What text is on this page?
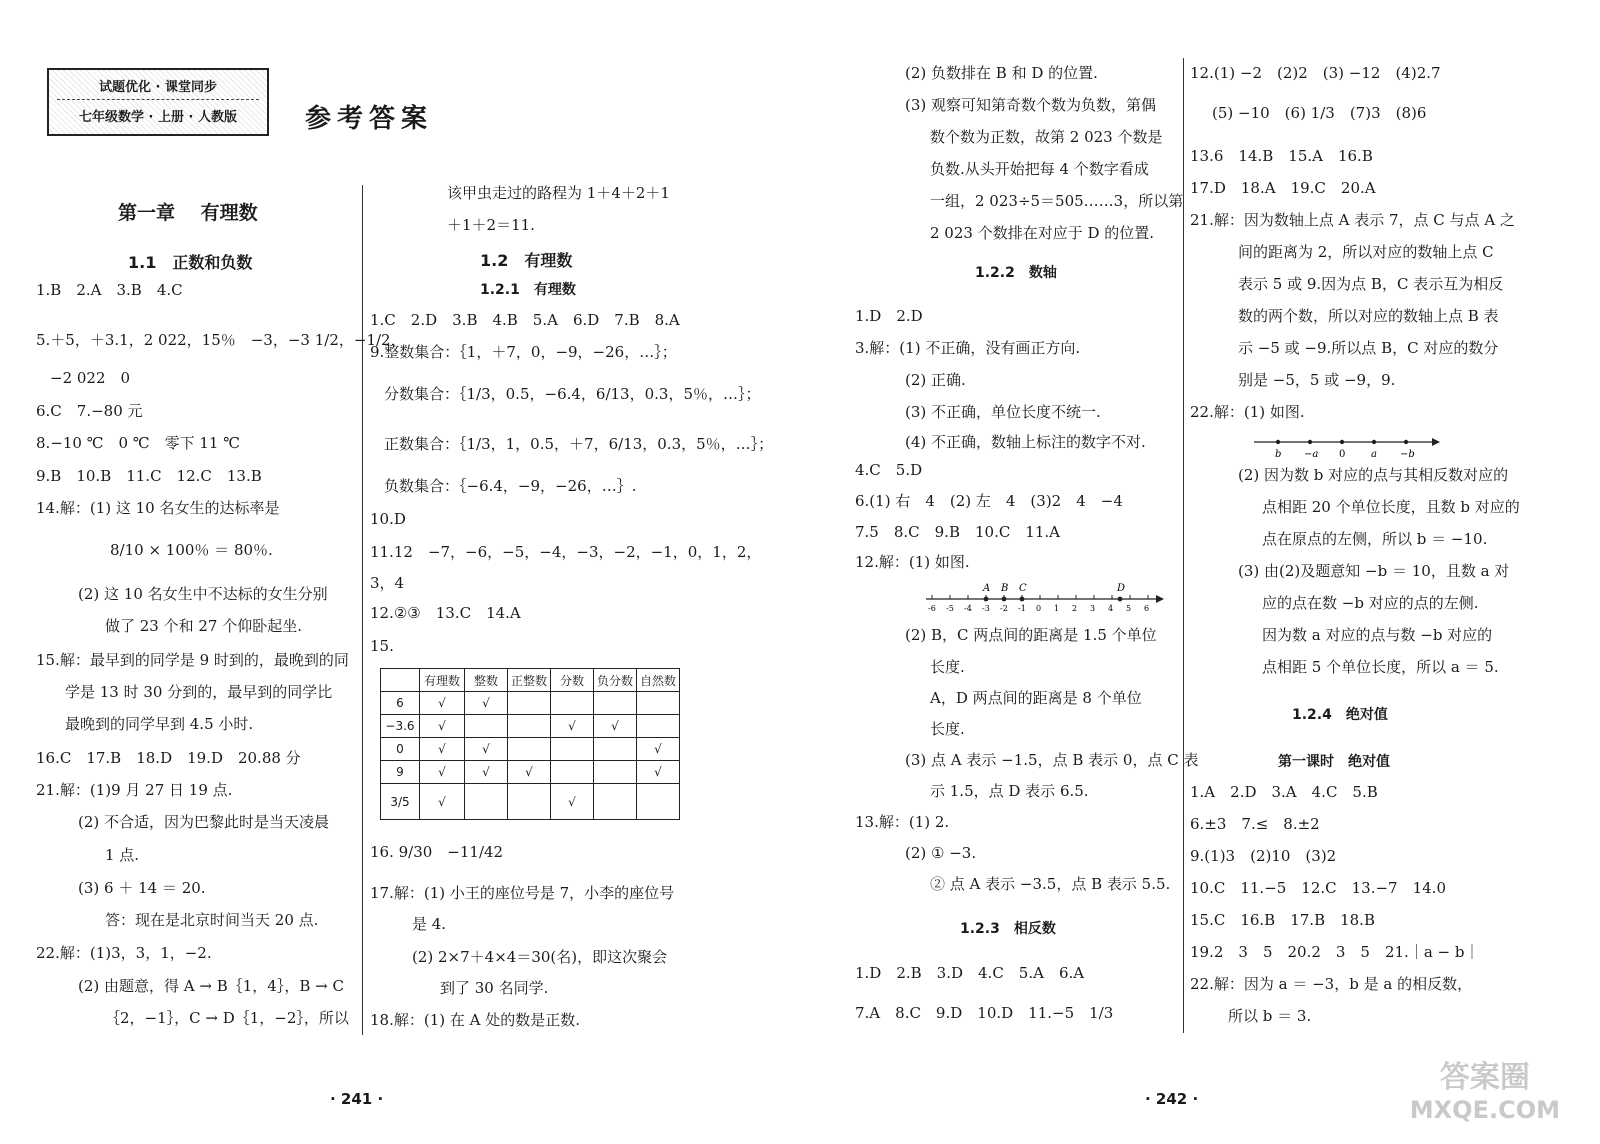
试题优化 · 课堂同步
七年级数学 · 上册 · 人教版	参考答案
第一章　 有理数
1.1　正数和负数
1.B　2.A　3.B　4.C
5.＋5，＋3.1，2 022，15％　−3，−3 1/2，−1/2，
−2 022　0
6.C　7.−80 元
8.−10 ℃　0 ℃　零下 11 ℃
9.B　10.B　11.C　12.C　13.B
14.解：(1) 这 10 名女生的达标率是
8/10 × 100％ ＝ 80％.
(2) 这 10 名女生中不达标的女生分别
做了 23 个和 27 个仰卧起坐.
15.解：最早到的同学是 9 时到的，最晚到的同
学是 13 时 30 分到的，最早到的同学比
最晚到的同学早到 4.5 小时.
16.C　17.B　18.D　19.D　20.88 分
21.解：(1)9 月 27 日 19 点.
(2) 不合适，因为巴黎此时是当天凌晨
1 点.
(3) 6 ＋ 14 ＝ 20.
答：现在是北京时间当天 20 点.
22.解：(1)3，3，1，−2.
(2) 由题意，得 A → B｛1，4｝，B → C
｛2，−1｝，C → D｛1，−2｝，所以
该甲虫走过的路程为 1＋4＋2＋1
＋1＋2＝11.
1.2　有理数
1.2.1　有理数
1.C　2.D　3.B　4.B　5.A　6.D　7.B　8.A
9.整数集合：｛1，＋7，0，−9，−26，…｝；
分数集合：｛1/3，0.5，−6.4，6/13，0.3，5％，…｝；
正数集合：｛1/3，1，0.5，＋7，6/13，0.3，5％，…｝；
负数集合：｛−6.4，−9，−26，…｝.
10.D
11.12　−7，−6，−5，−4，−3，−2，−1，0，1，2，
3，4
12.②③　13.C　14.A
15.
	有理数	整数	正整数	分数	负分数	自然数
6	√	√				
−3.6	√			√	√	
0	√	√				√
9	√	√	√			√
3/5	√			√		
16. 9/30　−11/42
17.解：(1) 小王的座位号是 7，小李的座位号
是 4.
(2) 2×7＋4×4＝30(名)，即这次聚会
到了 30 名同学.
18.解：(1) 在 A 处的数是正数.
· 241 ·
(2) 负数排在 B 和 D 的位置.
(3) 观察可知第奇数个数为负数，第偶
数个数为正数，故第 2 023 个数是
负数.从头开始把每 4 个数字看成
一组，2 023÷5＝505……3，所以第
2 023 个数排在对应于 D 的位置.
1.2.2　数轴
1.D　2.D
3.解：(1) 不正确，没有画正方向.
(2) 正确.
(3) 不正确，单位长度不统一.
(4) 不正确，数轴上标注的数字不对.
4.C　5.D
6.(1) 右　4　(2) 左　4　(3)2　4　−4
7.5　8.C　9.B　10.C　11.A
12.解：(1) 如图.
-6 -5 -4 -3 -2 -1 0 1 2 3 4 5 6
A B C	D
(2) B，C 两点间的距离是 1.5 个单位
长度.
A，D 两点间的距离是 8 个单位
长度.
(3) 点 A 表示 −1.5，点 B 表示 0，点 C 表
示 1.5，点 D 表示 6.5.
13.解：(1) 2.
(2) ① −3.
② 点 A 表示 −3.5，点 B 表示 5.5.
1.2.3　相反数
1.D　2.B　3.D　4.C　5.A　6.A
7.A　8.C　9.D　10.D　11.−5　1/3
· 242 ·
12.(1) −2　(2)2　(3) −12　(4)2.7
(5) −10　(6) 1/3　(7)3　(8)6
13.6　14.B　15.A　16.B
17.D　18.A　19.C　20.A
21.解：因为数轴上点 A 表示 7，点 C 与点 A 之
间的距离为 2，所以对应的数轴上点 C
表示 5 或 9.因为点 B，C 表示互为相反
数的两个数，所以对应的数轴上点 B 表
示 −5 或 −9.所以点 B，C 对应的数分
别是 −5，5 或 −9，9.
22.解：(1) 如图.
b −a 0	a −b
(2) 因为数 b 对应的点与其相反数对应的
点相距 20 个单位长度，且数 b 对应的
点在原点的左侧，所以 b ＝ −10.
(3) 由(2)及题意知 −b ＝ 10，且数 a 对
应的点在数 −b 对应的点的左侧.
因为数 a 对应的点与数 −b 对应的
点相距 5 个单位长度，所以 a ＝ 5.
1.2.4　绝对值
第一课时　绝对值
1.A　2.D　3.A　4.C　5.B
6.±3　7.≤　8.±2
9.(1)3　(2)10　(3)2
10.C　11.−5　12.C　13.−7　14.0
15.C　16.B　17.B　18.B
19.2　3　5　20.2　3　5　21.｜a − b｜
22.解：因为 a ＝ −3，b 是 a 的相反数，
所以 b ＝ 3.
答案圈
MXQE.COM
